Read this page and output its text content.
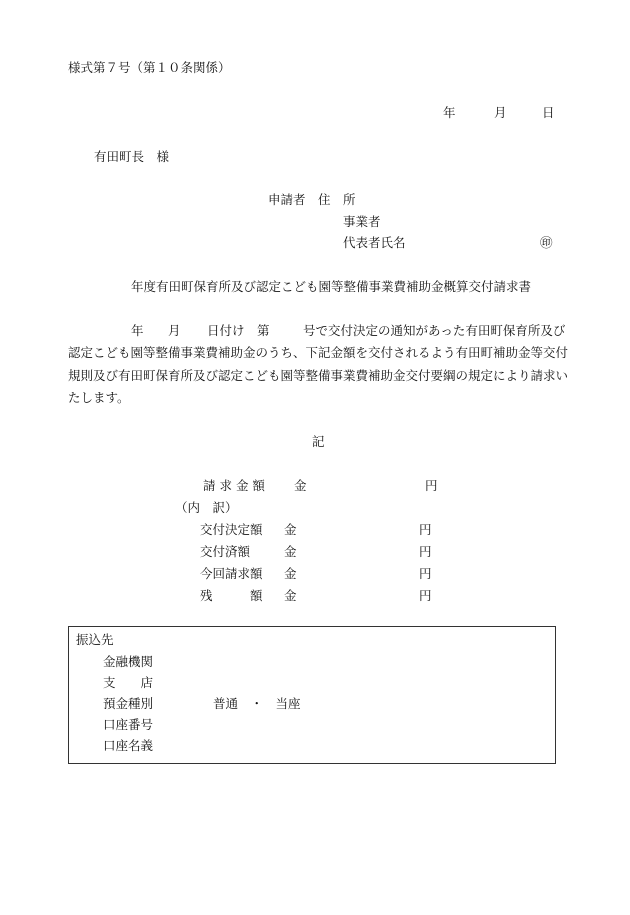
様式第７号（第１０条関係）
年	月	日
有田町長　様
申請者 住　所
事業者
代表者氏名	㊞
年度有田町保育所及び認定こども園等整備事業費補助金概算交付請求書
年 月 日付け 第	号で交付決定の通知があった有田町保育所及び
認定こども園等整備事業費補助金のうち、下記金額を交付されるよう有田町補助金等交付
規則及び有田町保育所及び認定こども園等整備事業費補助金交付要綱の規定により請求い
たします。
記
請 求 金 額 金	円
（内　訳）
交付決定額 金	円
交付済額	金	円
今回請求額 金	円
残　　　額 金	円
振込先
金融機関
支　　店
預金種別	普通　・　当座
口座番号
口座名義
